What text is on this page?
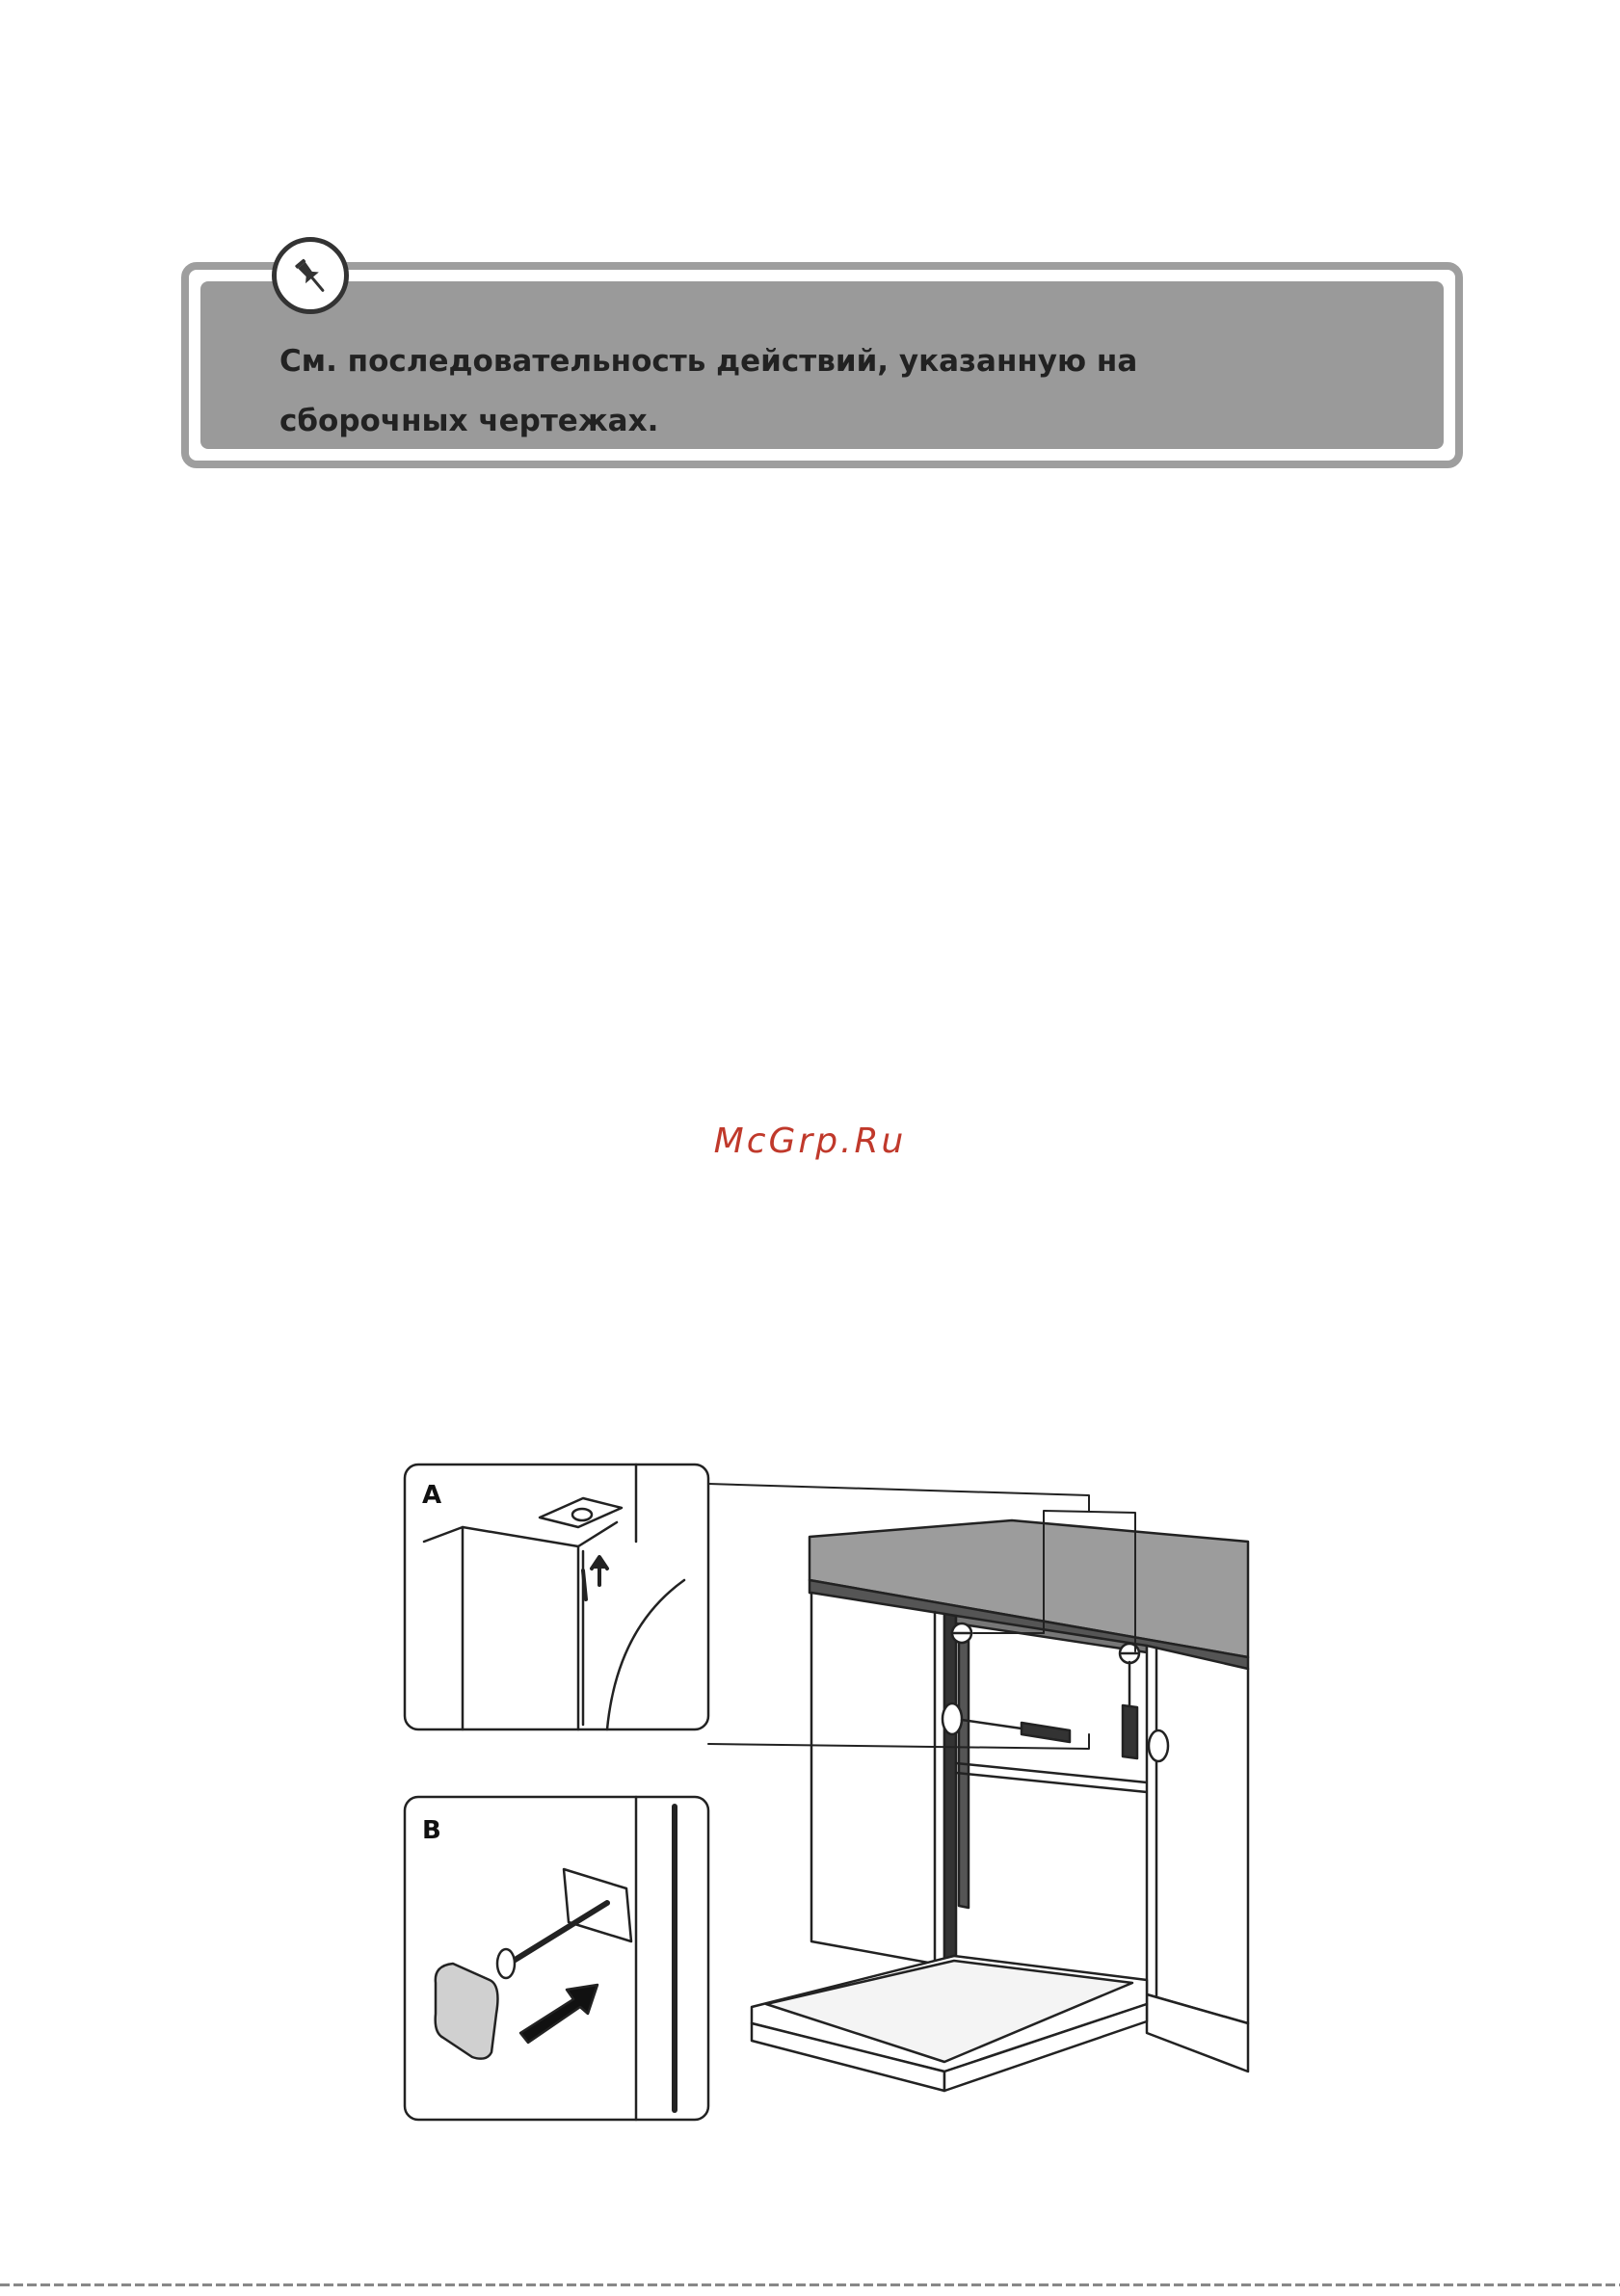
См. последовательность действий, указанную на
сборочных чертежах.
McGrp.Ru
A
B
